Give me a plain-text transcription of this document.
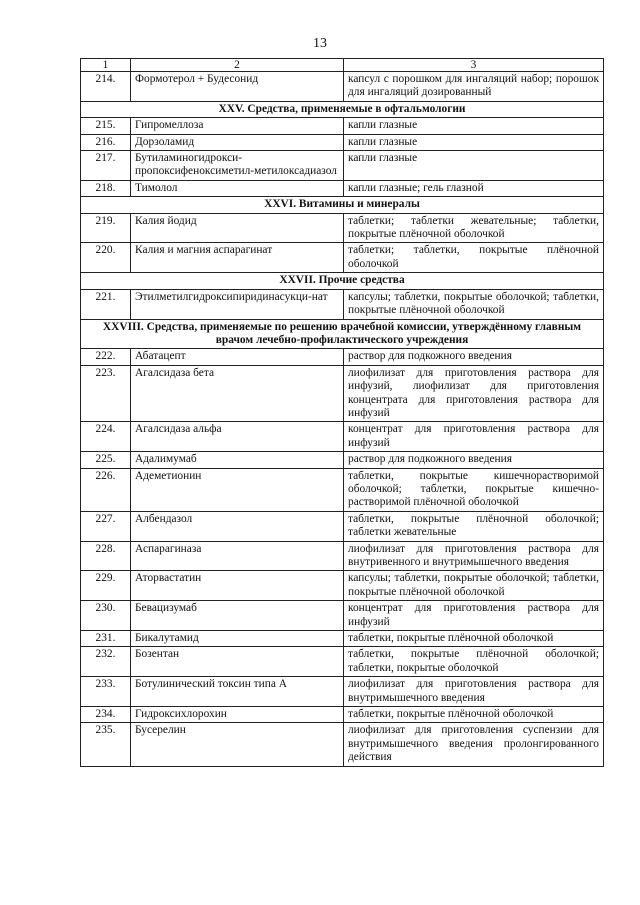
13
1	2	3
214.	Формотерол + Будесонид	капсул с порошком для ингаляций набор; порошок для ингаляций дозированный
XXV. Средства, применяемые в офтальмологии		
215.	Гипромеллоза	капли глазные
216.	Дорзоламид	капли глазные
217.	Бутиламиногидрокси-пропоксифеноксиметил-метилоксадиазол	капли глазные
218.	Тимолол	капли глазные; гель глазной
XXVI. Витамины и минералы		
219.	Калия йодид	таблетки; таблетки жевательные; таблетки, покрытые плёночной оболочкой
220.	Калия и магния аспарагинат	таблетки; таблетки, покрытые плёночной оболочкой
XXVII. Прочие средства		
221.	Этилметилгидроксипиридинасукци-нат	капсулы; таблетки, покрытые оболочкой; таблетки, покрытые плёночной оболочкой
XXVIII. Средства, применяемые по решению врачебной комиссии, утверждённому главным врачом лечебно-профилактического учреждения		
222.	Абатацепт	раствор для подкожного введения
223.	Агалсидаза бета	лиофилизат для приготовления раствора для инфузий, лиофилизат для приготовления концентрата для приготовления раствора для инфузий
224.	Агалсидаза альфа	концентрат для приготовления раствора для инфузий
225.	Адалимумаб	раствор для подкожного введения
226.	Адеметионин	таблетки, покрытые кишечнорастворимой оболочкой; таблетки, покрытые кишечно-растворимой плёночной оболочкой
227.	Албендазол	таблетки, покрытые плёночной оболочкой; таблетки жевательные
228.	Аспарагиназа	лиофилизат для приготовления раствора для внутривенного и внутримышечного введения
229.	Аторвастатин	капсулы; таблетки, покрытые оболочкой; таблетки, покрытые плёночной оболочкой
230.	Бевацизумаб	концентрат для приготовления раствора для инфузий
231.	Бикалутамид	таблетки, покрытые плёночной оболочкой
232.	Бозентан	таблетки, покрытые плёночной оболочкой; таблетки, покрытые оболочкой
233.	Ботулинический токсин типа А	лиофилизат для приготовления раствора для внутримышечного введения
234.	Гидроксихлорохин	таблетки, покрытые плёночной оболочкой
235.	Бусерелин	лиофилизат для приготовления суспензии для внутримышечного введения пролонгированного действия
